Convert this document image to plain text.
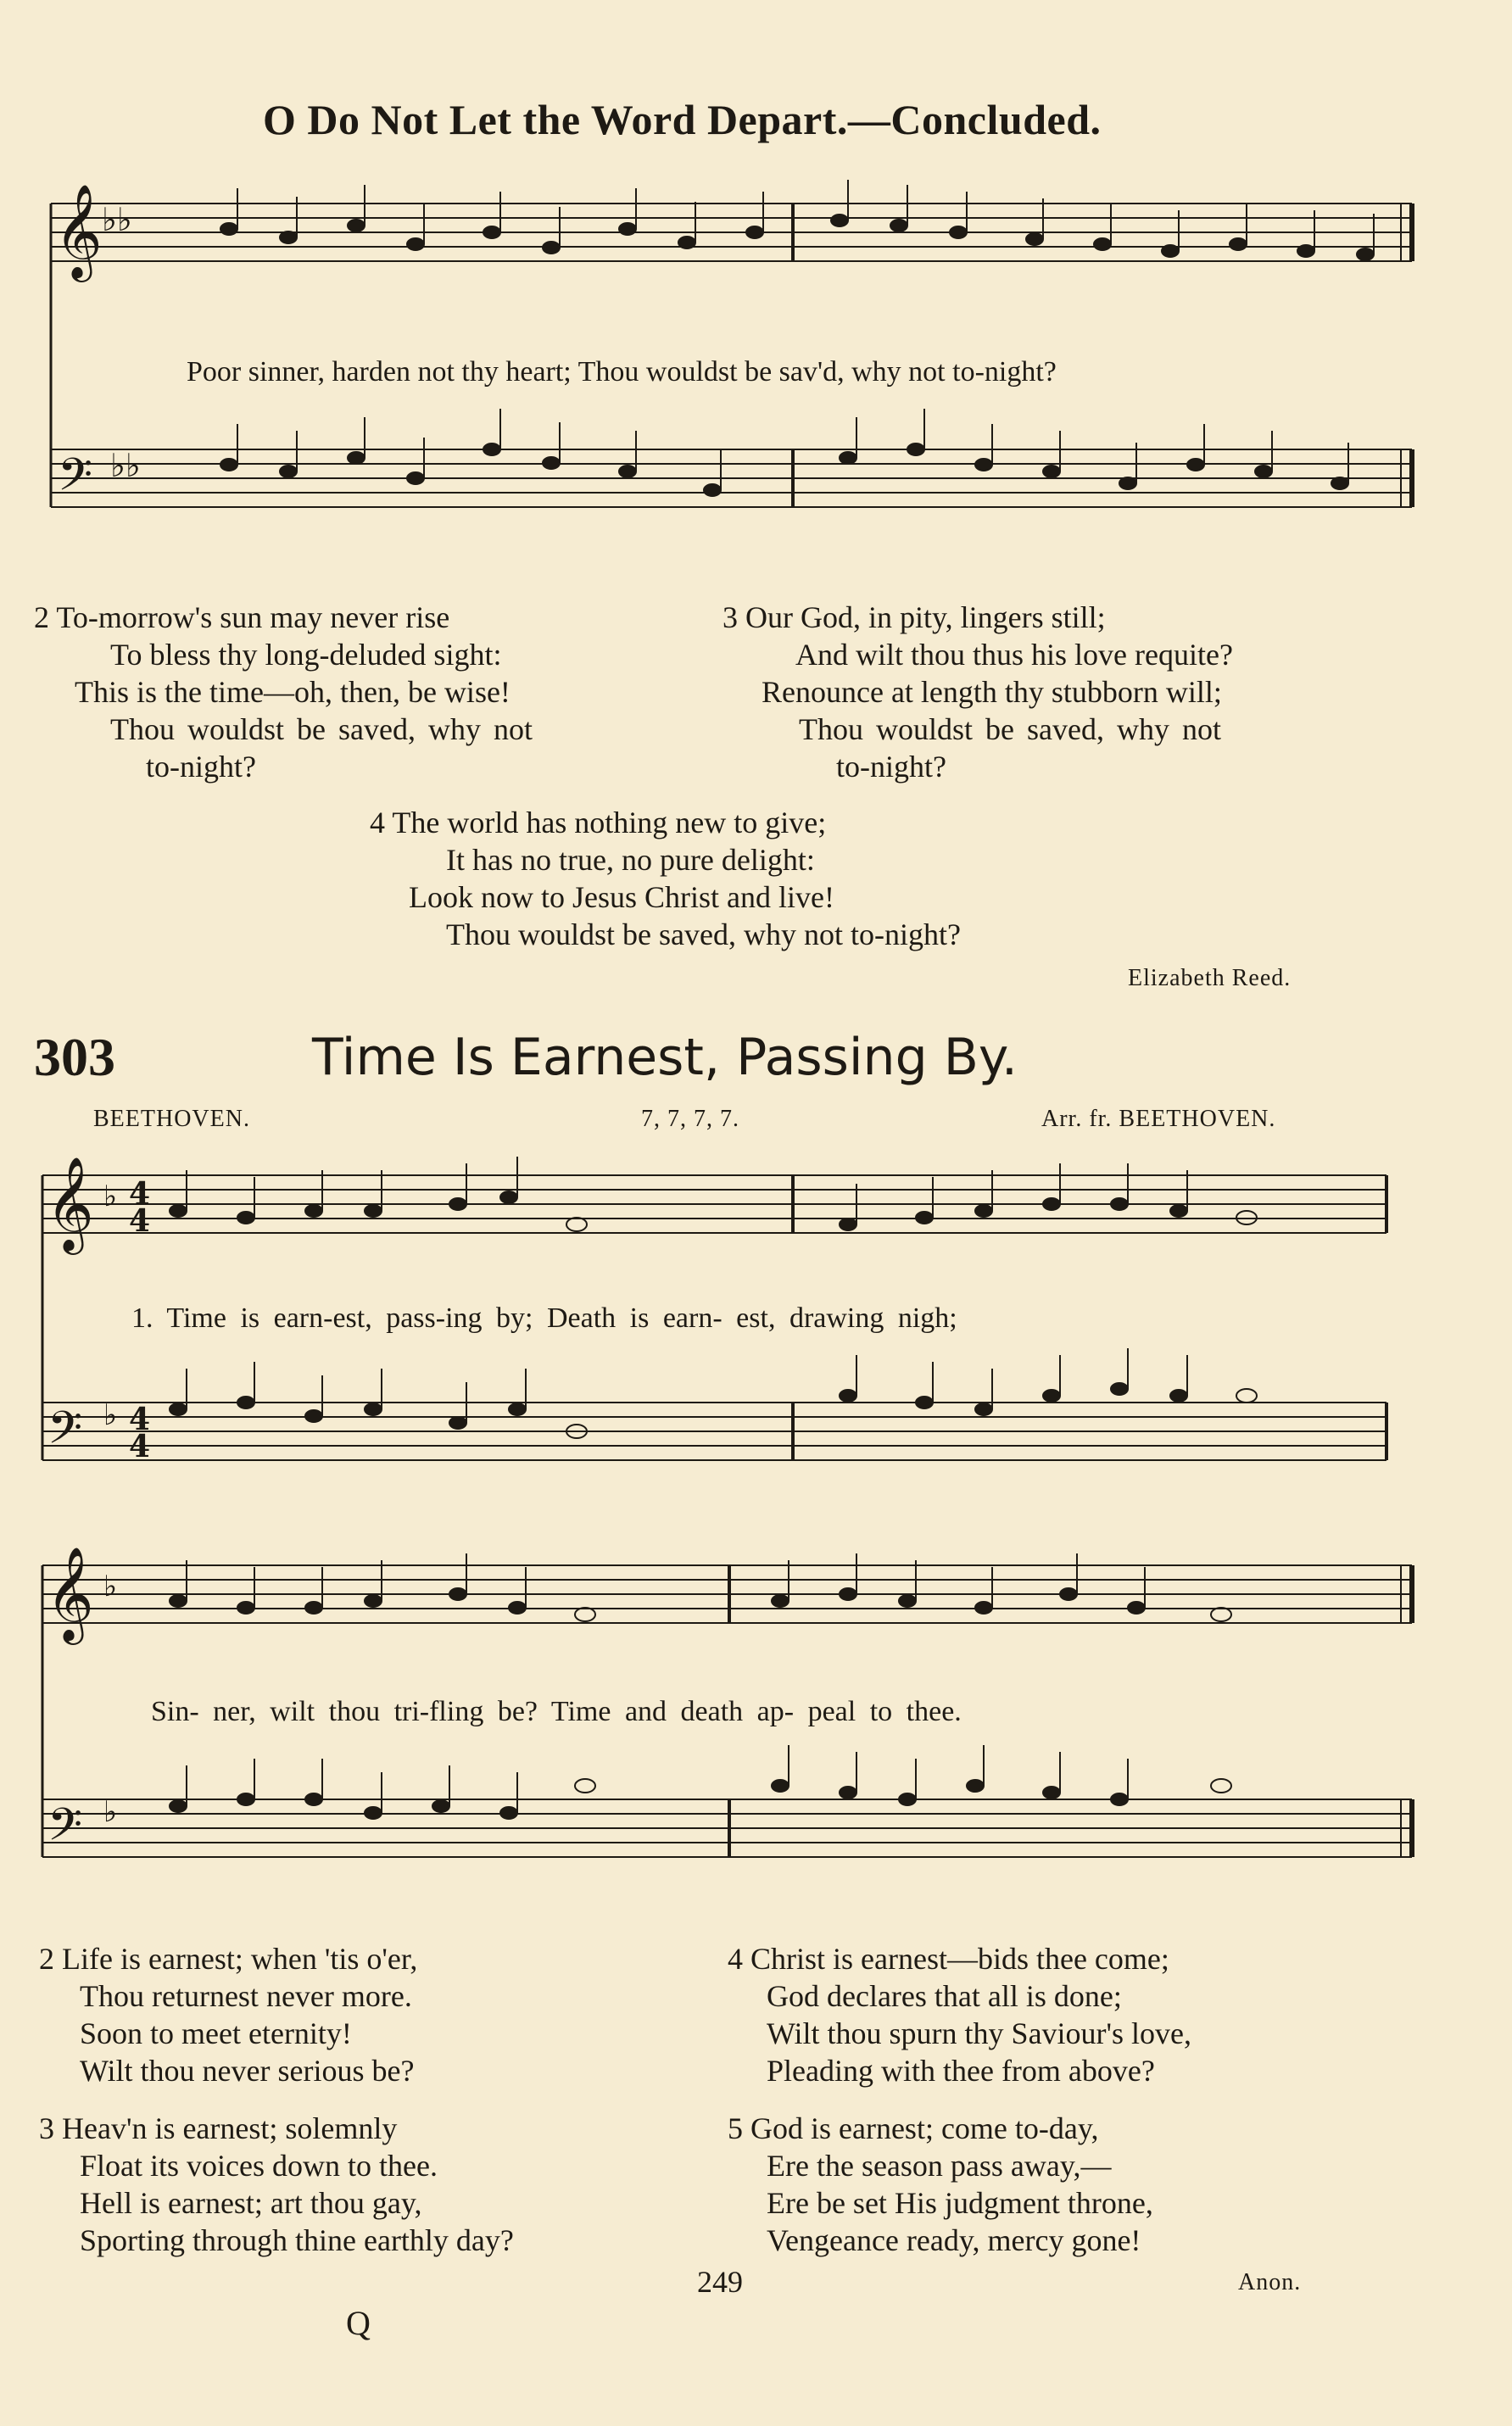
O Do Not Let the Word Depart.—Concluded.
𝄞
𝄢
♭♭
♭♭
Poor sinner, harden not thy heart; Thou wouldst be sav'd, why not to-night?

2 To-morrow's sun may never rise

To bless thy long-deluded sight:

This is the time—oh, then, be wise!

Thou wouldst be saved, why not

to-night?

3 Our God, in pity, lingers still;

And wilt thou thus his love requite?

Renounce at length thy stubborn will;

Thou wouldst be saved, why not

to-night?

4 The world has nothing new to give;

It has no true, no pure delight:

Look now to Jesus Christ and live!

Thou wouldst be saved, why not to-night?

Elizabeth Reed.
303	Time Is Earnest, Passing By.
BEETHOVEN.	7, 7, 7, 7.	Arr. fr. BEETHOVEN.
𝄞
𝄢
♭
♭
4
4
4
4
1. Time is earn-est, pass-ing by; Death is earn- est, drawing nigh;
𝄞
𝄢
♭
♭
Sin- ner, wilt thou tri-fling be? Time and death ap- peal to thee.

2 Life is earnest; when 'tis o'er,

Thou returnest never more.

Soon to meet eternity!

Wilt thou never serious be?

4 Christ is earnest—bids thee come;

God declares that all is done;

Wilt thou spurn thy Saviour's love,

Pleading with thee from above?

3 Heav'n is earnest; solemnly

Float its voices down to thee.

Hell is earnest; art thou gay,

Sporting through thine earthly day?

5 God is earnest; come to-day,

Ere the season pass away,—

Ere be set His judgment throne,

Vengeance ready, mercy gone!

Anon.
249
Q
